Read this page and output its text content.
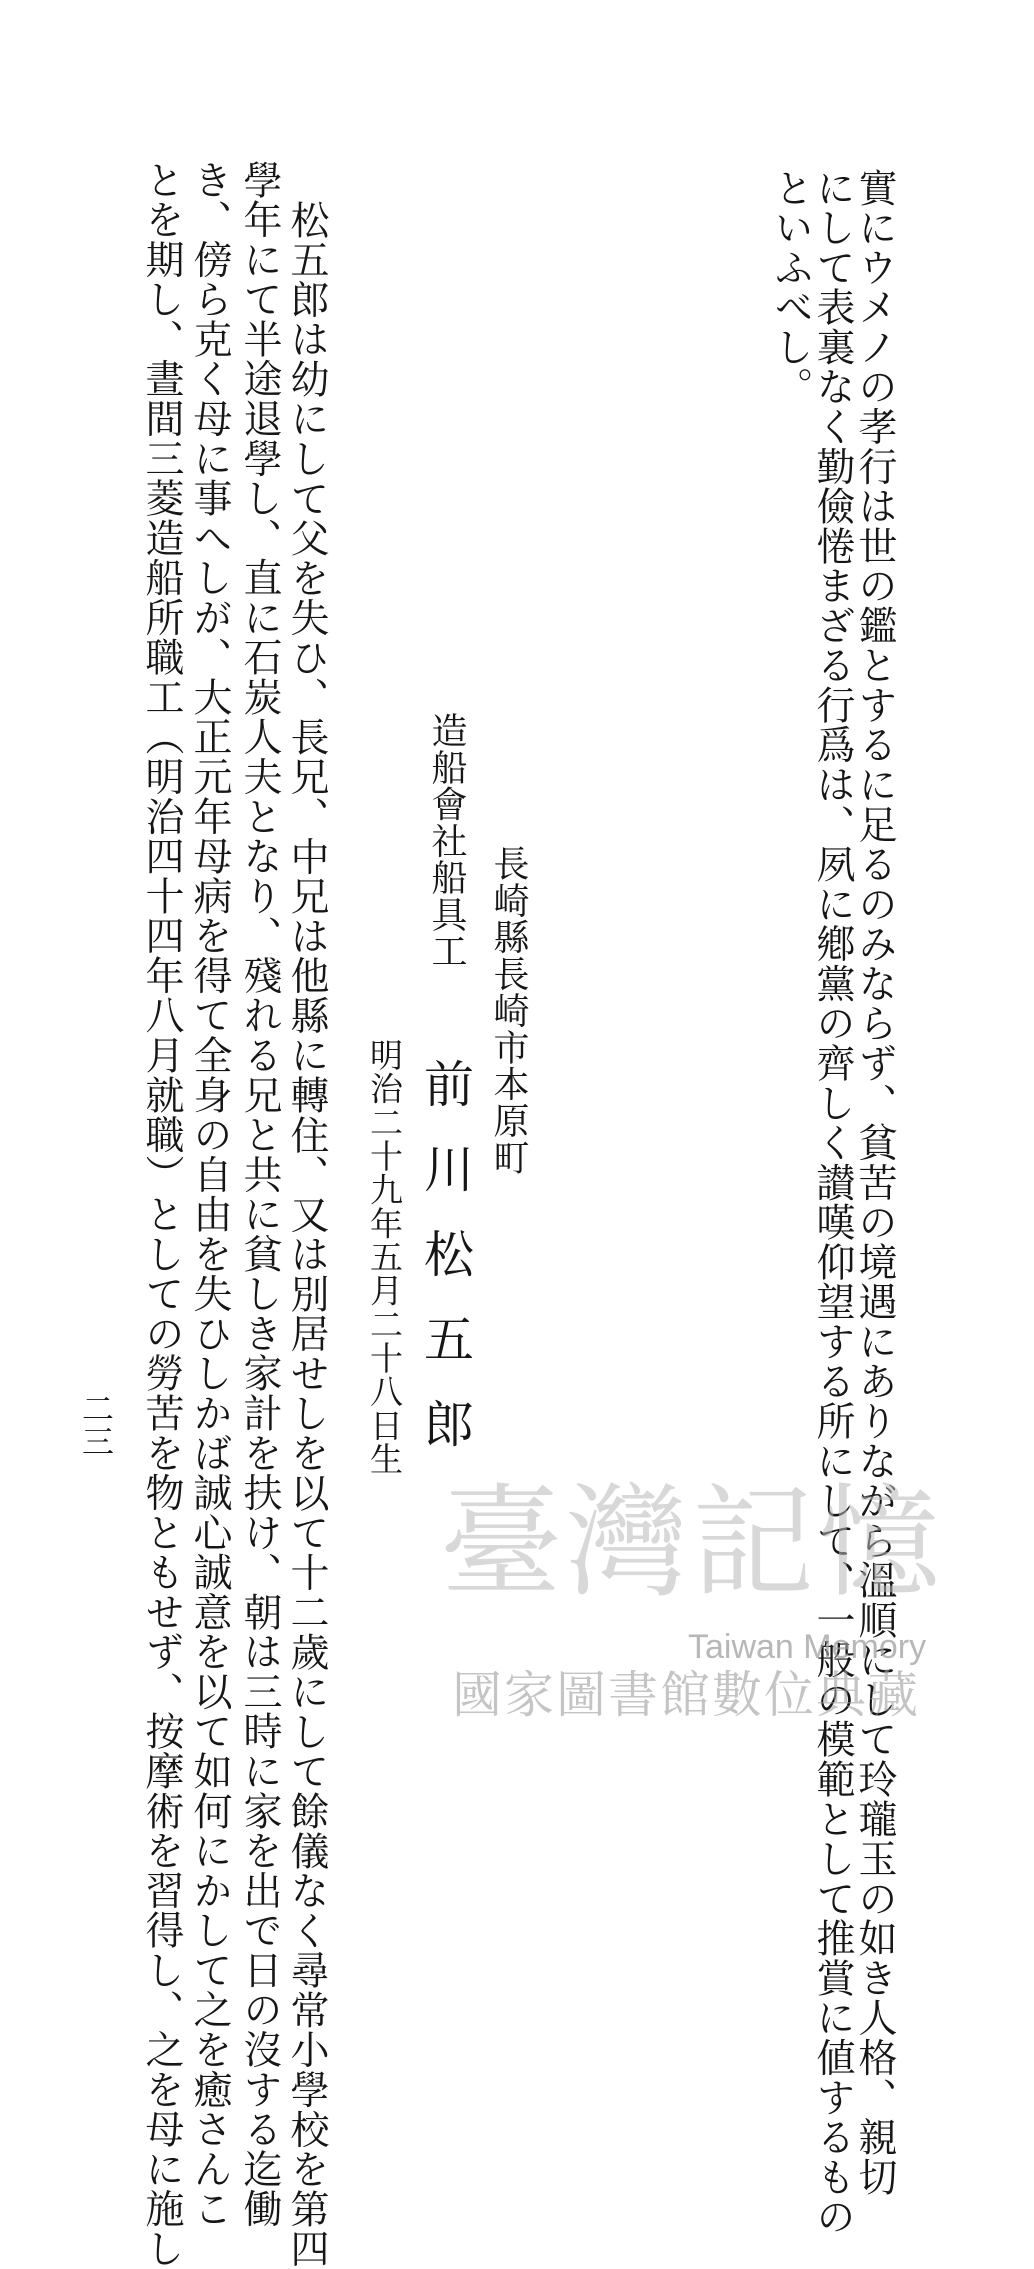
實にウメノの孝行は世の鑑とするに足るのみならず、貧苦の境遇にありながら溫順にして玲瓏玉の如き人格、親切
にして表裏なく勤儉惓まざる行爲は、夙に鄕黨の齊しく讃嘆仰望する所にして、一般の模範として推賞に値するもの
といふべし。
長崎縣長崎市本原町
造船會社船具工
前川松五郎
明治二十九年五月二十八日生
松五郎は幼にして父を失ひ、長兄、中兄は他縣に轉住、又は別居せしを以て十二歲にして餘儀なく尋常小學校を第四
學年にて半途退學し、直に石炭人夫となり、殘れる兄と共に貧しき家計を扶け、朝は三時に家を出で日の沒する迄働
き、傍ら克く母に事へしが、大正元年母病を得て全身の自由を失ひしかば誠心誠意を以て如何にかして之を癒さんこ
とを期し、晝間三菱造船所職工（明治四十四年八月就職）としての勞苦を物ともせず、按摩術を習得し、之を母に施し
二三
臺灣記憶
Taiwan Memory
國家圖書館數位典藏
